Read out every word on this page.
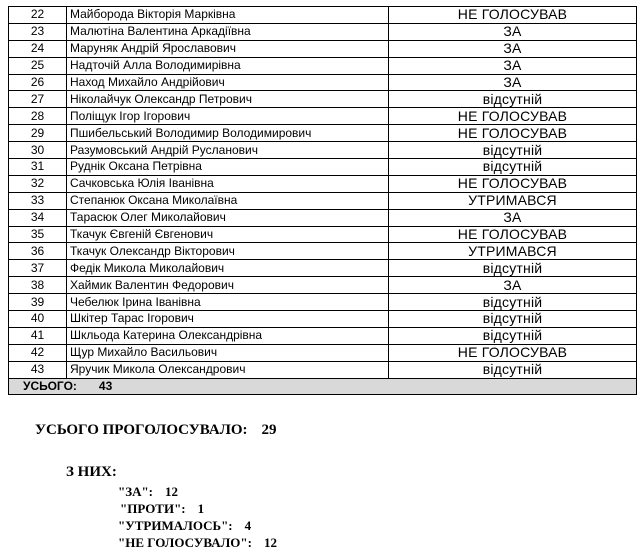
22	Майборода Вікторія Марківна	НЕ ГОЛОСУВАВ
23	Малютіна Валентина Аркадіївна	ЗА
24	Маруняк Андрій Ярославович	ЗА
25	Надточій Алла Володимирівна	ЗА
26	Наход Михайло Андрійович	ЗА
27	Ніколайчук Олександр Петрович	відсутній
28	Поліщук Ігор Ігорович	НЕ ГОЛОСУВАВ
29	Пшибельський Володимир Володимирович	НЕ ГОЛОСУВАВ
30	Разумовський Андрій Русланович	відсутній
31	Руднік Оксана Петрівна	відсутній
32	Сачковська Юлія Іванівна	НЕ ГОЛОСУВАВ
33	Степанюк Оксана Миколаївна	УТРИМАВСЯ
34	Тарасюк Олег Миколайович	ЗА
35	Ткачук Євгеній Євгенович	НЕ ГОЛОСУВАВ
36	Ткачук Олександр Вікторович	УТРИМАВСЯ
37	Федік Микола Миколайович	відсутній
38	Хаймик Валентин Федорович	ЗА
39	Чебелюк Ірина Іванівна	відсутній
40	Шкітер Тарас Ігорович	відсутній
41	Шкльода Катерина Олександрівна	відсутній
42	Щур Михайло Васильович	НЕ ГОЛОСУВАВ
43	Яручик Микола Олександрович	відсутній
УСЬОГО: 43		
УСЬОГО ПРОГОЛОСУВАЛО: 29
З НИХ:
"ЗА": 12
"ПРОТИ": 1
"УТРИМАЛОСЬ": 4
"НЕ ГОЛОСУВАЛО": 12
